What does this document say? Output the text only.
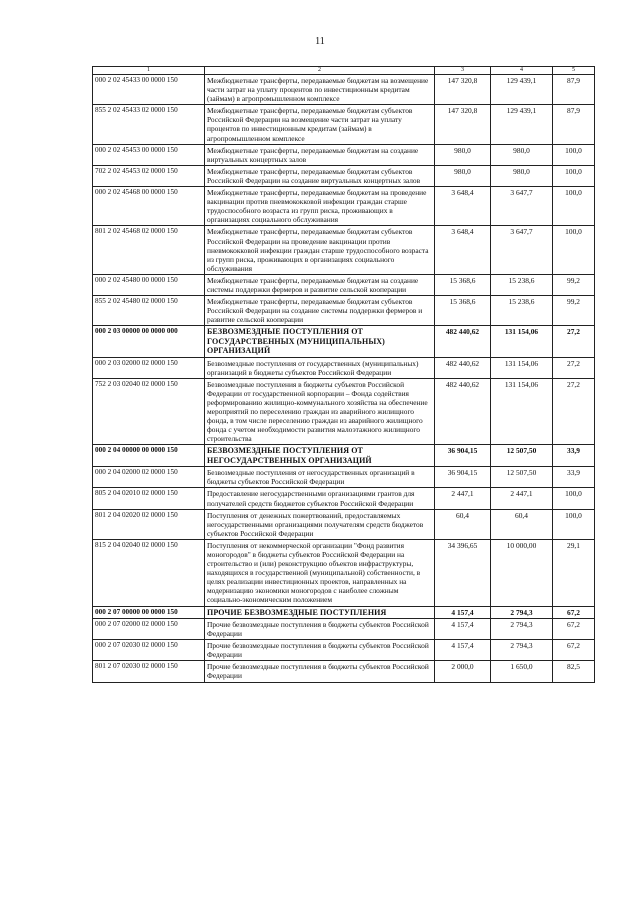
11
1	2	3	4	5
000 2 02 45433 00 0000 150	Межбюджетные трансферты, передаваемые бюджетам на возмещение части затрат на уплату процентов по инвестиционным кредитам (займам) в агропромышленном комплексе	147 320,8	129 439,1	87,9
855 2 02 45433 02 0000 150	Межбюджетные трансферты, передаваемые бюджетам субъектов Российской Федерации на возмещение части затрат на уплату процентов по инвестиционным кредитам (займам) в агропромышленном комплексе	147 320,8	129 439,1	87,9
000 2 02 45453 00 0000 150	Межбюджетные трансферты, передаваемые бюджетам на создание виртуальных концертных залов	980,0	980,0	100,0
702 2 02 45453 02 0000 150	Межбюджетные трансферты, передаваемые бюджетам субъектов Российской Федерации на создание виртуальных концертных залов	980,0	980,0	100,0
000 2 02 45468 00 0000 150	Межбюджетные трансферты, передаваемые бюджетам на проведение вакцинации против пневмококковой инфекции граждан старше трудоспособного возраста из групп риска, проживающих в организациях социального обслуживания	3 648,4	3 647,7	100,0
801 2 02 45468 02 0000 150	Межбюджетные трансферты, передаваемые бюджетам субъектов Российской Федерации на проведение вакцинации против пневмококковой инфекции граждан старше трудоспособного возраста из групп риска, проживающих в организациях социального обслуживания	3 648,4	3 647,7	100,0
000 2 02 45480 00 0000 150	Межбюджетные трансферты, передаваемые бюджетам на создание системы поддержки фермеров и развитие сельской кооперации	15 368,6	15 238,6	99,2
855 2 02 45480 02 0000 150	Межбюджетные трансферты, передаваемые бюджетам субъектов Российской Федерации на создание системы поддержки фермеров и развитие сельской кооперации	15 368,6	15 238,6	99,2
000 2 03 00000 00 0000 000	БЕЗВОЗМЕЗДНЫЕ ПОСТУПЛЕНИЯ ОТ ГОСУДАРСТВЕННЫХ (МУНИЦИПАЛЬНЫХ) ОРГАНИЗАЦИЙ	482 440,62	131 154,06	27,2
000 2 03 02000 02 0000 150	Безвозмездные поступления от государственных (муниципальных) организаций в бюджеты субъектов Российской Федерации	482 440,62	131 154,06	27,2
752 2 03 02040 02 0000 150	Безвозмездные поступления в бюджеты субъектов Российской Федерации от государственной корпорации – Фонда содействия реформированию жилищно-коммунального хозяйства на обеспечение мероприятий по переселению граждан из аварийного жилищного фонда, в том числе переселению граждан из аварийного жилищного фонда с учетом необходимости развития малоэтажного жилищного строительства	482 440,62	131 154,06	27,2
000 2 04 00000 00 0000 150	БЕЗВОЗМЕЗДНЫЕ ПОСТУПЛЕНИЯ ОТ НЕГОСУДАРСТВЕННЫХ ОРГАНИЗАЦИЙ	36 904,15	12 507,50	33,9
000 2 04 02000 02 0000 150	Безвозмездные поступления от негосударственных организаций в бюджеты субъектов Российской Федерации	36 904,15	12 507,50	33,9
805 2 04 02010 02 0000 150	Предоставление негосударственными организациями грантов для получателей средств бюджетов субъектов Российской Федерации	2 447,1	2 447,1	100,0
801 2 04 02020 02 0000 150	Поступления от денежных пожертвований, предоставляемых негосударственными организациями получателям средств бюджетов субъектов Российской Федерации	60,4	60,4	100,0
815 2 04 02040 02 0000 150	Поступления от некоммерческой организации "Фонд развития моногородов" в бюджеты субъектов Российской Федерации на строительство и (или) реконструкцию объектов инфраструктуры, находящихся в государственной (муниципальной) собственности, в целях реализации инвестиционных проектов, направленных на модернизацию экономики моногородов с наиболее сложным социально-экономическим положением	34 396,65	10 000,00	29,1
000 2 07 00000 00 0000 150	ПРОЧИЕ БЕЗВОЗМЕЗДНЫЕ ПОСТУПЛЕНИЯ	4 157,4	2 794,3	67,2
000 2 07 02000 02 0000 150	Прочие безвозмездные поступления в бюджеты субъектов Российской Федерации	4 157,4	2 794,3	67,2
000 2 07 02030 02 0000 150	Прочие безвозмездные поступления в бюджеты субъектов Российской Федерации	4 157,4	2 794,3	67,2
801 2 07 02030 02 0000 150	Прочие безвозмездные поступления в бюджеты субъектов Российской Федерации	2 000,0	1 650,0	82,5
